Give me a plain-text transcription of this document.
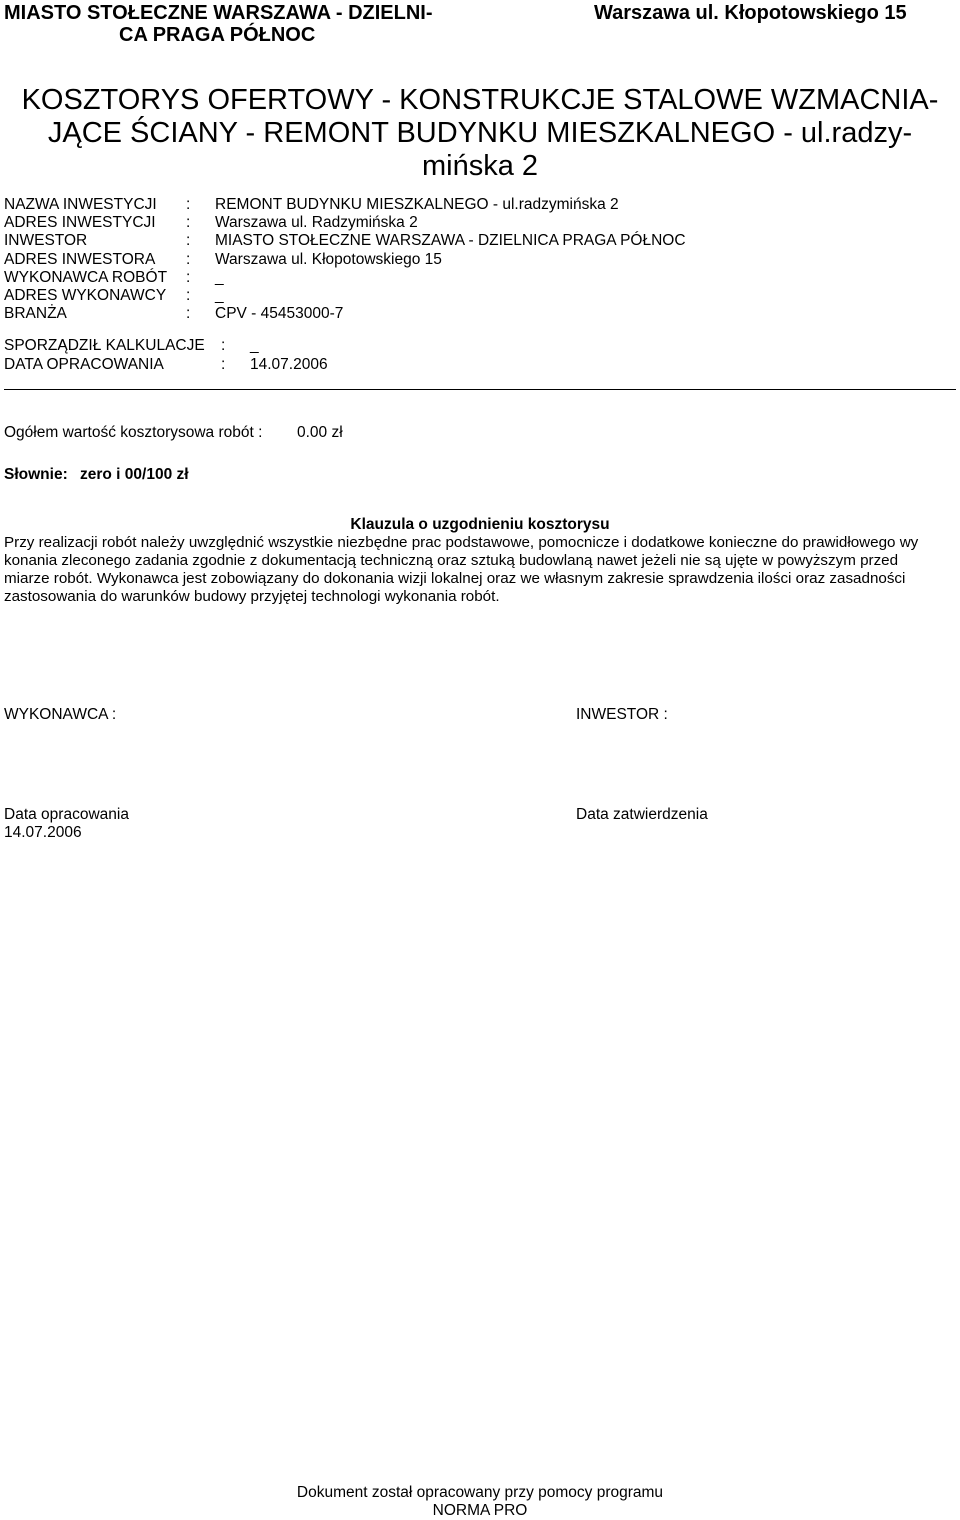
MIASTO STOŁECZNE WARSZAWA - DZIELNI-
CA PRAGA PÓŁNOC
Warszawa ul. Kłopotowskiego 15
KOSZTORYS OFERTOWY - KONSTRUKCJE STALOWE WZMACNIA-
JĄCE ŚCIANY - REMONT BUDYNKU MIESZKALNEGO - ul.radzy-
mińska 2
NAZWA INWESTYCJI : REMONT BUDYNKU MIESZKALNEGO - ul.radzymińska 2
ADRES INWESTYCJI : Warszawa ul. Radzymińska 2
INWESTOR	: MIASTO STOŁECZNE WARSZAWA - DZIELNICA PRAGA PÓŁNOC
ADRES INWESTORA : Warszawa ul. Kłopotowskiego 15
WYKONAWCA ROBÓT : _
ADRES WYKONAWCY : _
BRANŻA	: CPV - 45453000-7
SPORZĄDZIŁ KALKULACJE : _
DATA OPRACOWANIA	: 14.07.2006
Ogółem wartość kosztorysowa robót : 0.00 zł
Słownie: zero i 00/100 zł
Klauzula o uzgodnieniu kosztorysu
Przy realizacji robót należy uwzględnić wszystkie niezbędne prac podstawowe, pomocnicze i dodatkowe konieczne do prawidłowego wy
konania zleconego zadania zgodnie z dokumentacją techniczną oraz sztuką budowlaną nawet jeżeli nie są ujęte w powyższym przed
miarze robót. Wykonawca jest zobowiązany do dokonania wizji lokalnej oraz we własnym zakresie sprawdzenia ilości oraz zasadności
zastosowania do warunków budowy przyjętej technologi wykonania robót.
WYKONAWCA :	INWESTOR :
Data opracowania
14.07.2006
Data zatwierdzenia
Dokument został opracowany przy pomocy programu
NORMA PRO
